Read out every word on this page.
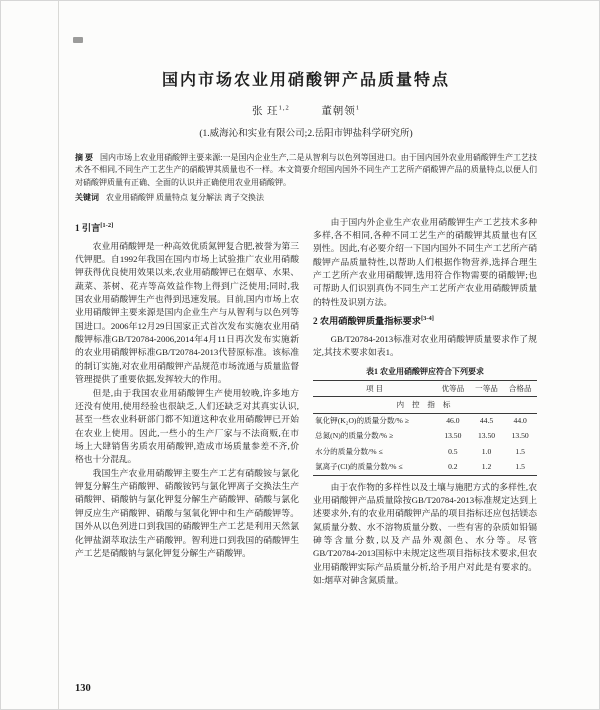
国内市场农业用硝酸钾产品质量特点
张 玨$^{1,2}$	董朝领$^1$
(1.威海沁和实业有限公司;2.岳阳市钾盐科学研究所)
摘 要 国内市场上农业用硝酸钾主要来源:一是国内企业生产,二是从智利与以色列等国进口。由于国内国外农业用硝酸钾生产工艺技术各不相同,不同生产工艺生产的硝酸钾其质量也不一样。本文简要介绍国内国外不同生产工艺所产硝酸钾产品的质量特点,以便人们对硝酸钾质量有正确、全面的认识并正确使用农业用硝酸钾。
关键词 农业用硝酸钾 质量特点 复分解法 离子交换法
1 引言[1-2]

农业用硝酸钾是一种高效优质氮钾复合肥,被誉为第三代钾肥。自1992年我国在国内市场上试验推广农业用硝酸钾获得优良使用效果以来,农业用硝酸钾已在烟草、水果、蔬菜、茶树、花卉等高效益作物上得到广泛使用;同时,我国农业用硝酸钾生产也得到迅速发展。目前,国内市场上农业用硝酸钾主要来源是国内企业生产与从智利与以色列等国进口。2006年12月29日国家正式首次发布实施农业用硝酸钾标准GB/T20784-2006,2014年4月11日再次发布实施新的农业用硝酸钾标准GB/T20784-2013代替原标准。该标准的制订实施,对农业用硝酸钾产品规范市场流通与质量监督管理提供了重要依据,发挥较大的作用。

但是,由于我国农业用硝酸钾生产使用较晚,许多地方还没有使用,使用经验也很缺乏,人们还缺乏对其真实认识,甚至一些农业科研部门都不知道这种农业用硝酸钾已开始在农业上使用。因此,一些小的生产厂家与不法商贩,在市场上大肆销售劣质农用硝酸钾,造成市场质量参差不齐,价格也十分混乱。

我国生产农业用硝酸钾主要生产工艺有硝酸铵与氯化钾复分解生产硝酸钾、硝酸铵钙与氯化钾离子交换法生产硝酸钾、硝酸钠与氯化钾复分解生产硝酸钾、硝酸与氯化钾反应生产硝酸钾、硝酸与氢氧化钾中和生产硝酸钾等。国外从以色列进口到我国的硝酸钾生产工艺是利用天然氯化钾盐湖萃取法生产硝酸钾。智利进口到我国的硝酸钾生产工艺是硝酸钠与氯化钾复分解生产硝酸钾。

由于国内外企业生产农业用硝酸钾生产工艺技术多种多样,各不相同,各种不同工艺生产的硝酸钾其质量也有区别性。因此,有必要介绍一下国内国外不同生产工艺所产硝酸钾产品质量特性,以帮助人们根据作物营养,选择合理生产工艺所产农业用硝酸钾,选用符合作物需要的硝酸钾;也可帮助人们识别真伪不同生产工艺所产农业用硝酸钾质量的特性及识别方法。

2 农用硝酸钾质量指标要求[3-4]

GB/T20784-2013标准对农业用硝酸钾质量要求作了规定,其技术要求如表1。

表1 农业用硝酸钾应符合下列要求
项 目	优等品	一等品	合格品
内 控 指 标			
氧化钾(K₂O)的质量分数/% ≥	46.0	44.5	44.0
总氮(N)的质量分数/% ≥	13.50	13.50	13.50
水分的质量分数/% ≤	0.5	1.0	1.5
氯离子(Cl)的质量分数/% ≤	0.2	1.2	1.5

由于农作物的多样性以及土壤与施肥方式的多样性,农业用硝酸钾产品质量除按GB/T20784-2013标准规定达到上述要求外,有的农业用硝酸钾产品的项目指标还应包括镁态氮质量分数、水不溶物质量分数、一些有害的杂质如铅镉砷等含量分数,以及产品外观颜色、水分等。尽管GB/T20784-2013国标中未规定这些项目指标技术要求,但农业用硝酸钾实际产品质量分析,给予用户对此是有要求的。如:烟草对砷含氮质量。

130
